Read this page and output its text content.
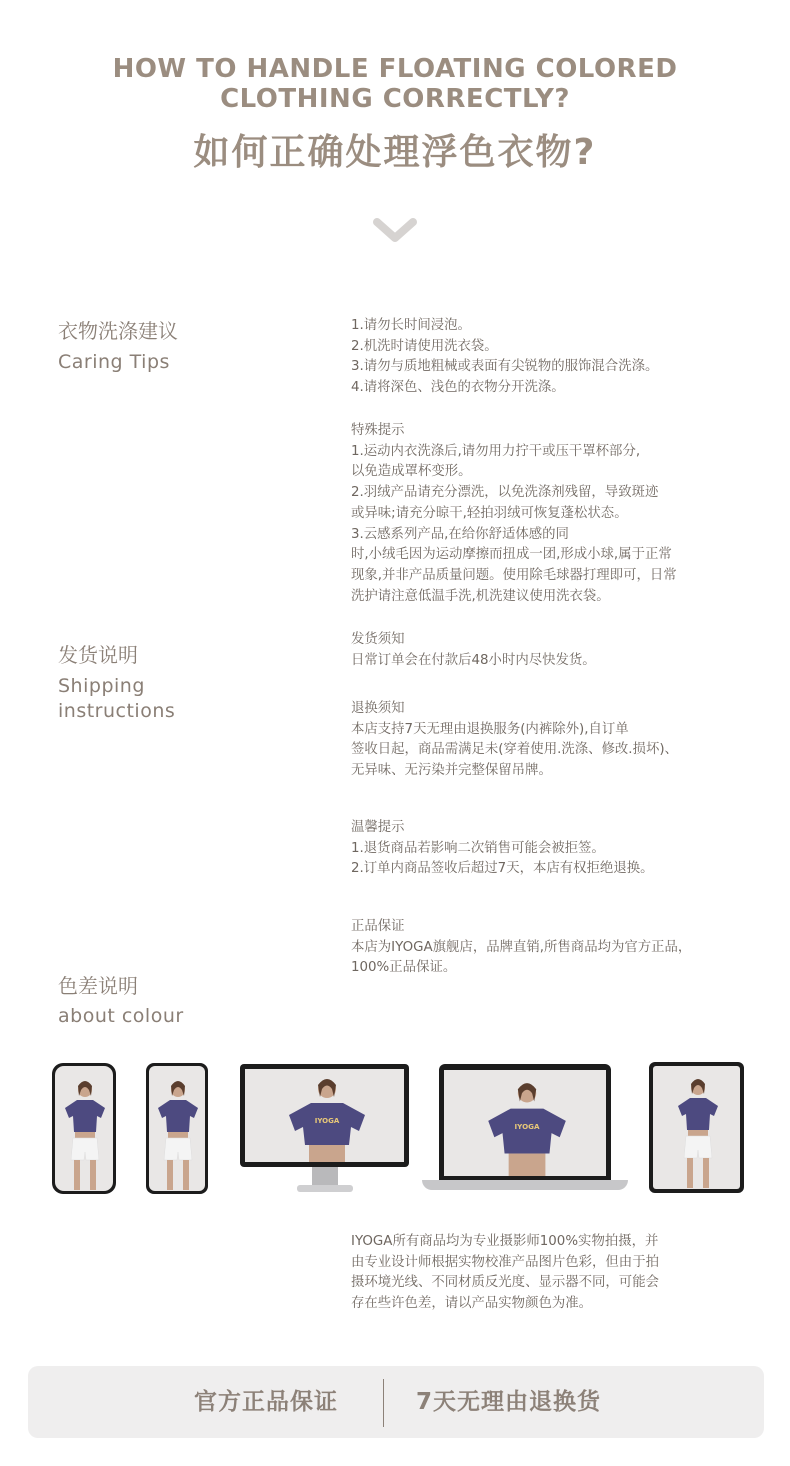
HOW TO HANDLE FLOATING COLORED
CLOTHING CORRECTLY?
如何正确处理浮色衣物?
衣物洗涤建议
Caring Tips
1.请勿长时间浸泡。
2.机洗时请使用洗衣袋。
3.请勿与质地粗械或表面有尖锐物的服饰混合洗涤。
4.请将深色、浅色的衣物分开洗涤。
特殊提示
1.运动内衣洗涤后,请勿用力拧干或压干罩杯部分,
以免造成罩杯变形。
2.羽绒产品请充分漂洗，以免洗涤剂残留，导致斑迹
或异味;请充分晾干,轻拍羽绒可恢复蓬松状态。
3.云感系列产品,在给你舒适体感的同
时,小绒毛因为运动摩擦而扭成一团,形成小球,属于正常
现象,并非产品质量问题。使用除毛球器打理即可，日常
洗护请注意低温手洗,机洗建议使用洗衣袋。
发货说明
Shipping
instructions
发货须知
日常订单会在付款后48小时内尽快发货。
退换须知
本店支持7天无理由退换服务(内裤除外),自订单
签收日起，商品需满足未(穿着使用.洗涤、修改.损坏)、
无异味、无污染并完整保留吊牌。
温馨提示
1.退货商品若影响二次销售可能会被拒签。
2.订单内商品签收后超过7天，本店有权拒绝退换。
正品保证
本店为IYOGA旗舰店，品牌直销,所售商品均为官方正品，
100%正品保证。
色差说明
about colour
IYOGA
IYOGA
IYOGA所有商品均为专业摄影师100%实物拍摄，并
由专业设计师根据实物校准产品图片色彩，但由于拍
摄环境光线、不同材质反光度、显示器不同，可能会
存在些许色差，请以产品实物颜色为准。
官方正品保证	7天无理由退换货
